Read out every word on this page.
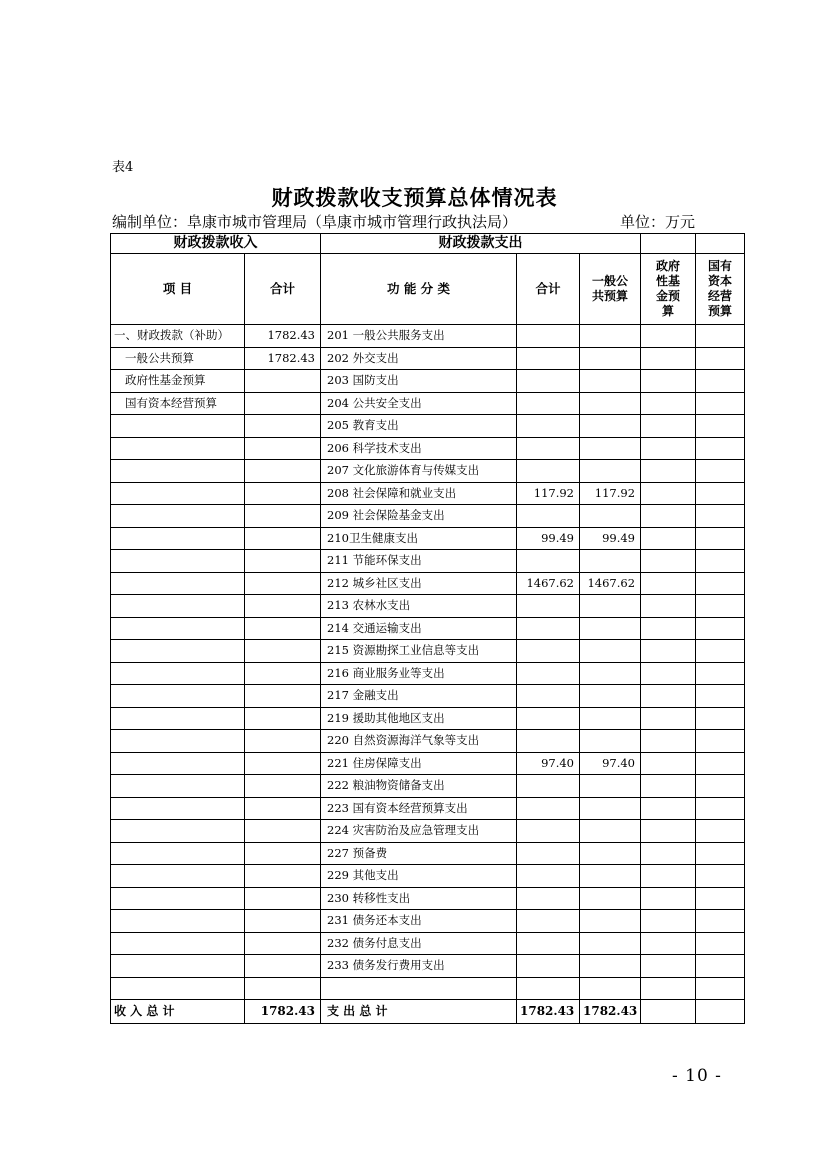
表4
财政拨款收支预算总体情况表
编制单位：阜康市城市管理局（阜康市城市管理行政执法局）	单位：万元
财政拨款收入		财政拨款支出				
项 目	合计	功 能 分 类	合计	一般公共预算	政府性基金预算	国有资本经营预算

一、财政拨款（补助）	1782.43	201 一般公共服务支出				
一般公共预算	1782.43	202 外交支出				
政府性基金预算		203 国防支出				
国有资本经营预算		204 公共安全支出				
		205 教育支出				
		206 科学技术支出				
		207 文化旅游体育与传媒支出				
		208 社会保障和就业支出	117.92	117.92		
		209 社会保险基金支出				
		210卫生健康支出	99.49	99.49		
		211 节能环保支出				
		212 城乡社区支出	1467.62	1467.62		
		213 农林水支出				
		214 交通运输支出				
		215 资源勘探工业信息等支出				
		216 商业服务业等支出				
		217 金融支出				
		219 援助其他地区支出				
		220 自然资源海洋气象等支出				
		221 住房保障支出	97.40	97.40		
		222 粮油物资储备支出				
		223 国有资本经营预算支出				
		224 灾害防治及应急管理支出				
		227 预备费				
		229 其他支出				
		230 转移性支出				
		231 债务还本支出				
		232 债务付息支出				
		233 债务发行费用支出				

收 入 总 计	1782.43	支 出 总 计	1782.43	1782.43		
- 10 -
